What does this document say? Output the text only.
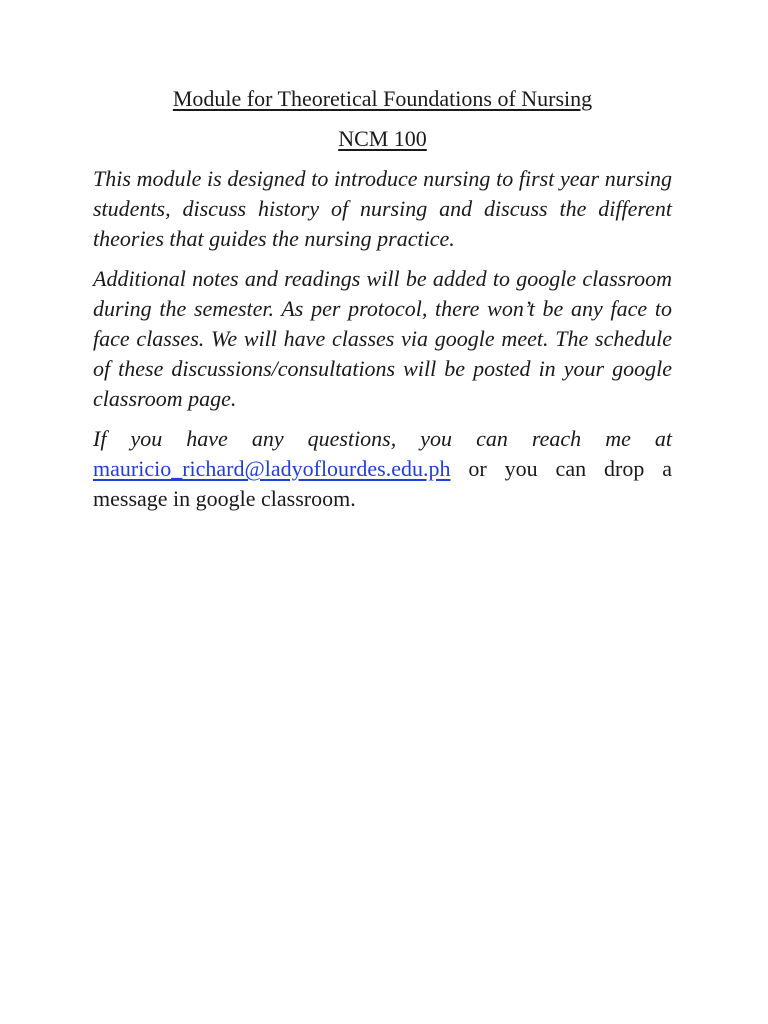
Module for Theoretical Foundations of Nursing

NCM 100

This module is designed to introduce nursing to first year nursing students, discuss history of nursing and discuss the different theories that guides the nursing practice.

Additional notes and readings will be added to google classroom during the semester. As per protocol, there won’t be any face to face classes. We will have classes via google meet. The schedule of these discussions/consultations will be posted in your google classroom page.

If you have any questions, you can reach me at mauricio_richard@ladyoflourdes.edu.ph or you can drop a message in google classroom.
